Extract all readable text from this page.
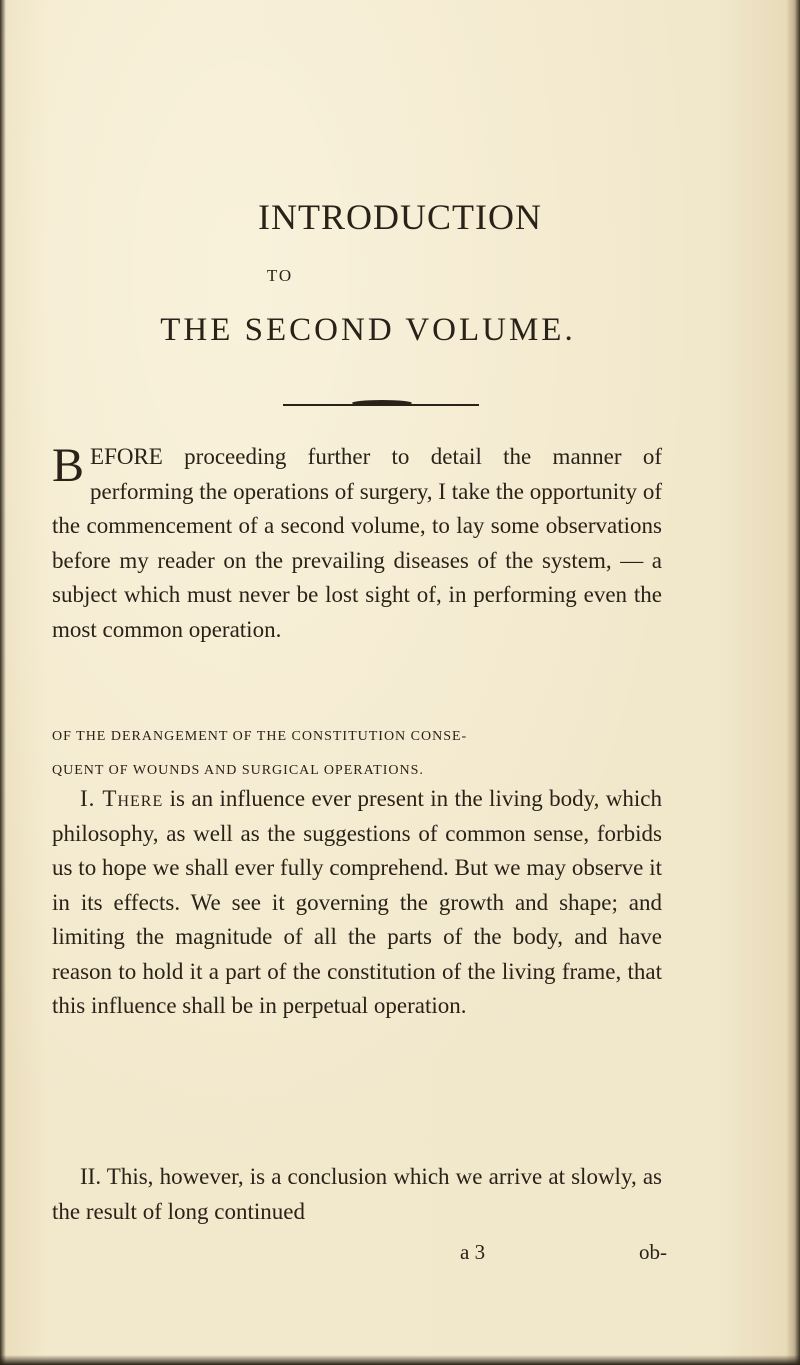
INTRODUCTION
TO
THE SECOND VOLUME.
BEFORE proceeding further to detail the manner of performing the operations of surgery, I take the opportunity of the commencement of a second volume, to lay some observations before my reader on the prevailing diseases of the system, — a subject which must never be lost sight of, in performing even the most common operation.
OF THE DERANGEMENT OF THE CONSTITUTION CONSE-
QUENT OF WOUNDS AND SURGICAL OPERATIONS.
I. There is an influence ever present in the living body, which philosophy, as well as the suggestions of common sense, forbids us to hope we shall ever fully comprehend. But we may observe it in its effects. We see it governing the growth and shape; and limiting the magnitude of all the parts of the body, and have reason to hold it a part of the constitution of the living frame, that this influence shall be in perpetual operation.
II. This, however, is a conclusion which we arrive at slowly, as the result of long continued
a 3	ob-
